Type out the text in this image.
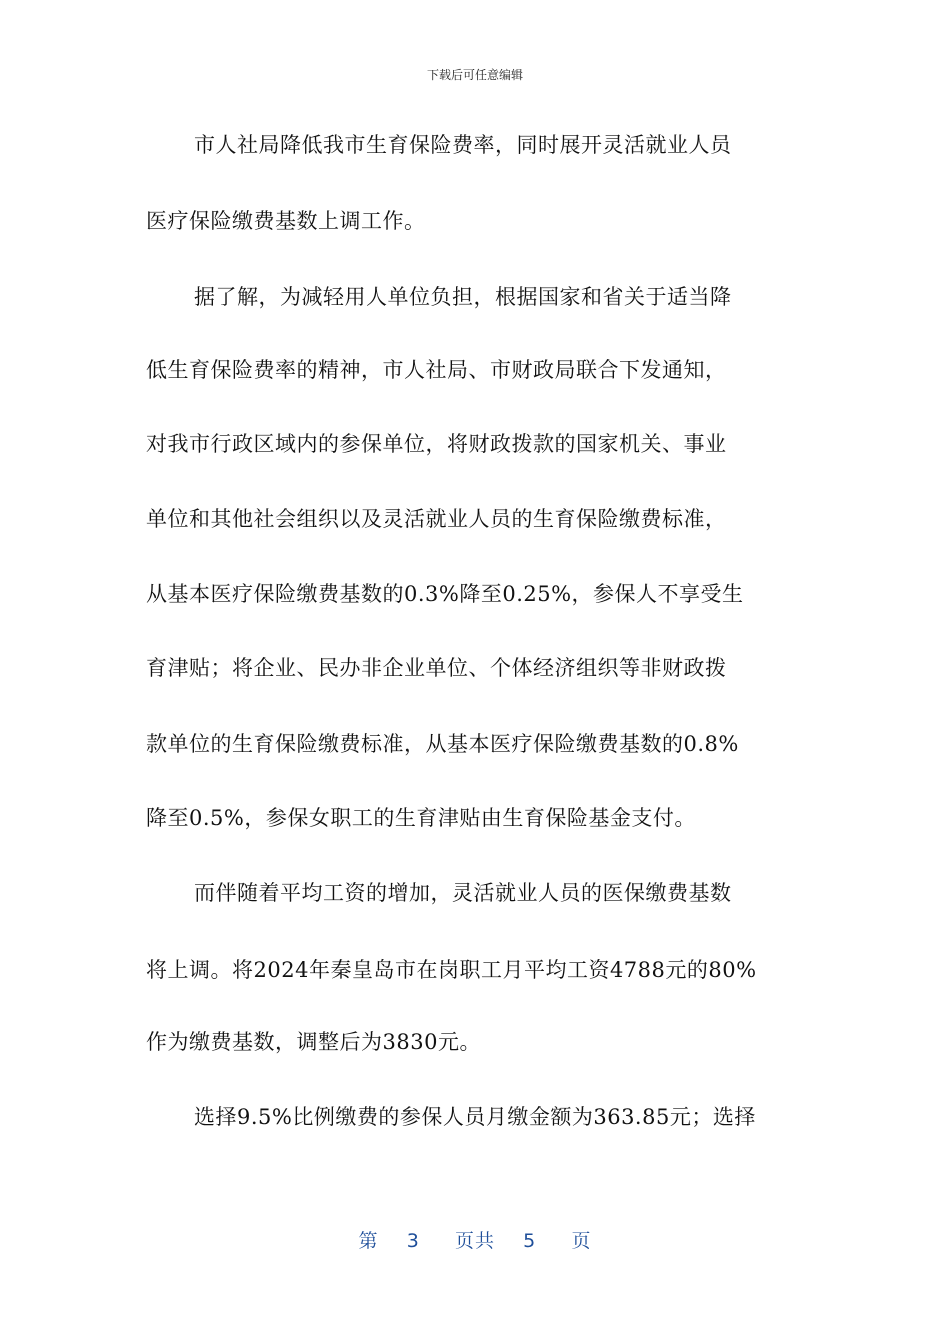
下载后可任意编辑
市人社局降低我市生育保险费率，同时展开灵活就业人员
医疗保险缴费基数上调工作。
据了解，为减轻用人单位负担，根据国家和省关于适当降
低生育保险费率的精神，市人社局、市财政局联合下发通知，
对我市行政区域内的参保单位，将财政拨款的国家机关、事业
单位和其他社会组织以及灵活就业人员的生育保险缴费标准，
从基本医疗保险缴费基数的0.3%降至0.25%，参保人不享受生
育津贴；将企业、民办非企业单位、个体经济组织等非财政拨
款单位的生育保险缴费标准，从基本医疗保险缴费基数的0.8%
降至0.5%，参保女职工的生育津贴由生育保险基金支付。
而伴随着平均工资的增加，灵活就业人员的医保缴费基数
将上调。将2024年秦皇岛市在岗职工月平均工资4788元的80%
作为缴费基数，调整后为3830元。
选择9.5%比例缴费的参保人员月缴金额为363.85元；选择
第 3 页共 5 页
